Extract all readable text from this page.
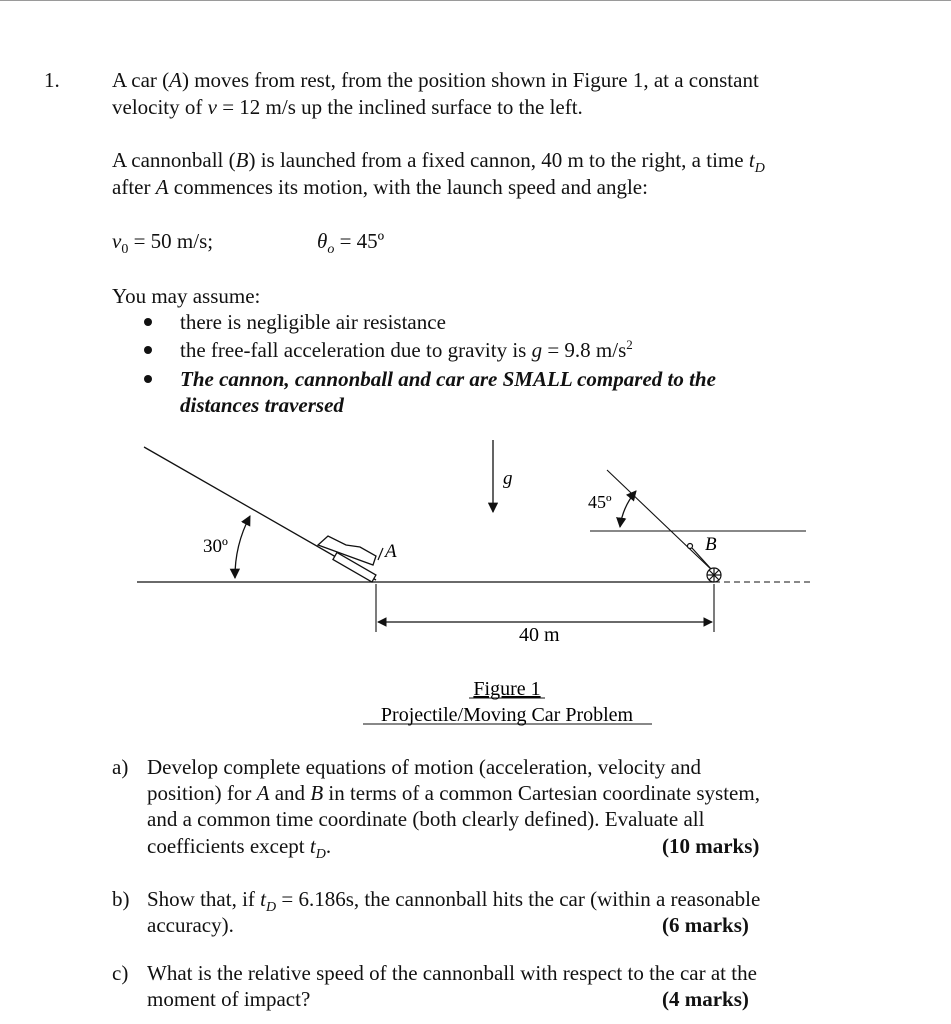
1. A car (A) moves from rest, from the position shown in Figure 1, at a constant
velocity of v = 12 m/s up the inclined surface to the left.
A cannonball (B) is launched from a fixed cannon, 40 m to the right, a time $t_D$
after A commences its motion, with the launch speed and angle:
$v_0 = 50$ m/s;	$\theta_o$ = 45º
You may assume:
there is negligible air resistance
the free-fall acceleration due to gravity is g = 9.8 $m/s^2$
The cannon, cannonball and car are SMALL compared to the
distances traversed
30º	A
g
45º
B
40 m
Figure 1
Projectile/Moving Car Problem
a) Develop complete equations of motion (acceleration, velocity and
position) for A and B in terms of a common Cartesian coordinate system,
and a common time coordinate (both clearly defined). Evaluate all
coefficients except $t_D$.	(10 marks)
b) Show that, if $t_D = 6.186s$, the cannonball hits the car (within a reasonable
accuracy).	(6 marks)
c) What is the relative speed of the cannonball with respect to the car at the
moment of impact?	(4 marks)
